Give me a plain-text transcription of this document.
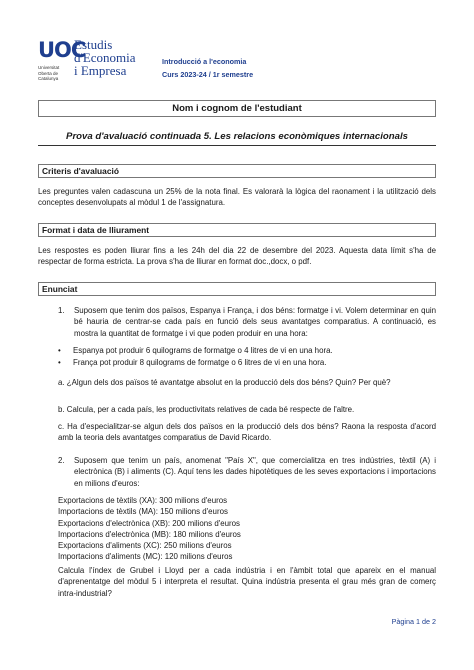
UOC
Universitat Oberta de Catalunya
Estudis
d'Economia
i Empresa
Introducció a l'economia
Curs 2023-24 / 1r semestre
Nom i cognom de l'estudiant
Prova d'avaluació continuada 5. Les relacions econòmiques internacionals
Criteris d'avaluació
Les preguntes valen cadascuna un 25% de la nota final. Es valorarà la lògica del raonament i la utilització dels conceptes desenvolupats al mòdul 1 de l'assignatura.
Format i data de lliurament
Les respostes es poden lliurar fins a les 24h del dia 22 de desembre del 2023. Aquesta data límit s'ha de respectar de forma estricta. La prova s'ha de lliurar en format doc.,docx, o pdf.
Enunciat
1. Suposem que tenim dos països, Espanya i França, i dos béns: formatge i vi. Volem determinar en quin bé hauria de centrar-se cada país en funció dels seus avantatges comparatius. A continuació, es mostra la quantitat de formatge i vi que poden produir en una hora:
• Espanya pot produir 6 quilograms de formatge o 4 litres de vi en una hora.
• França pot produir 8 quilograms de formatge o 6 litres de vi en una hora.
a. ¿Algun dels dos països té avantatge absolut en la producció dels dos béns? Quin? Per què?
b. Calcula, per a cada país, les productivitats relatives de cada bé respecte de l'altre.
c. Ha d'especialitzar-se algun dels dos països en la producció dels dos béns? Raona la resposta d'acord amb la teoria dels avantatges comparatius de David Ricardo.
2. Suposem que tenim un país, anomenat "País X", que comercialitza en tres indústries, tèxtil (A) i electrònica (B) i aliments (C). Aquí tens les dades hipotètiques de les seves exportacions i importacions en milions d'euros:
Exportacions de tèxtils (XA): 300 milions d'euros
Importacions de tèxtils (MA): 150 milions d'euros
Exportacions d'electrònica (XB): 200 milions d'euros
Importacions d'electrònica (MB): 180 milions d'euros
Exportacions d'aliments (XC): 250 milions d'euros
Importacions d'aliments (MC): 120 milions d'euros
Calcula l'índex de Grubel i Lloyd per a cada indústria i en l'àmbit total que apareix en el manual d'aprenentatge del mòdul 5 i interpreta el resultat. Quina indústria presenta el grau més gran de comerç intra-industrial?
Pàgina 1 de 2
